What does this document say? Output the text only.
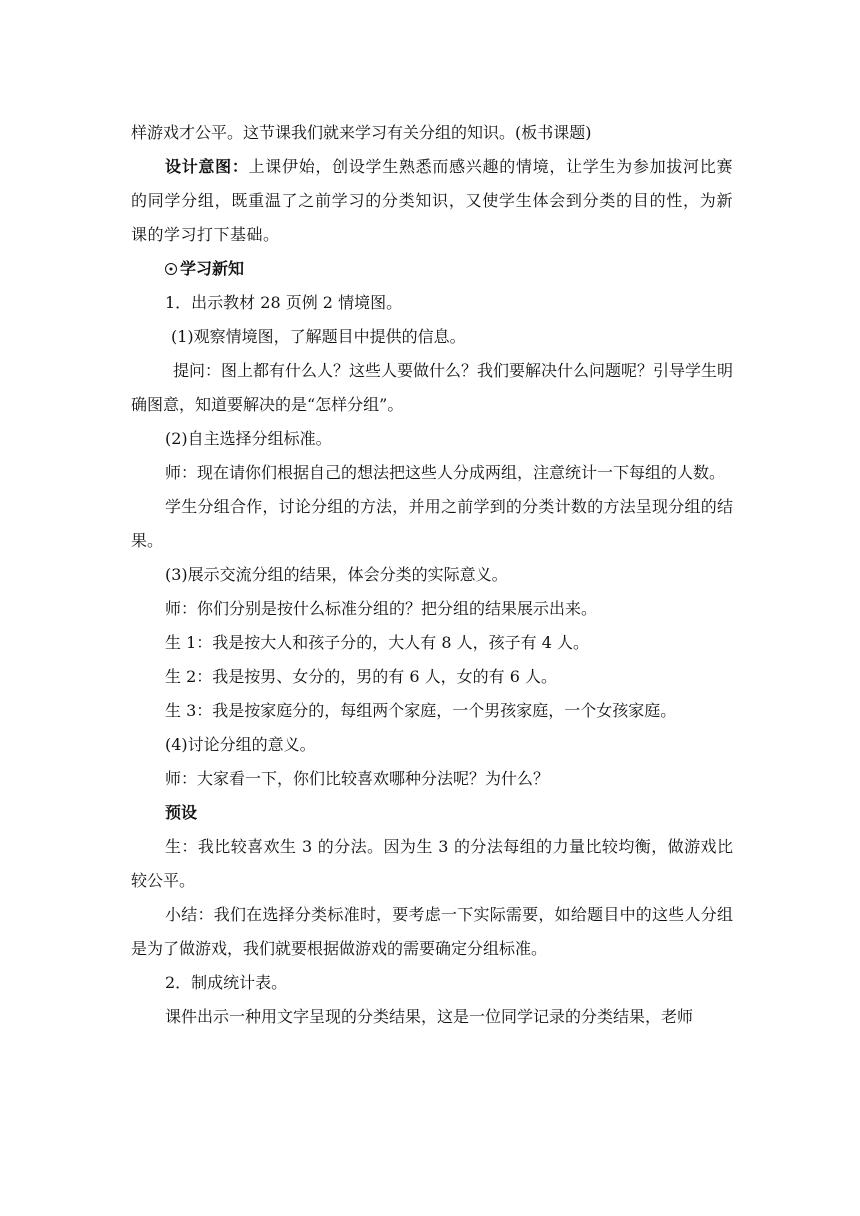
样游戏才公平。这节课我们就来学习有关分组的知识。(板书课题)

设计意图：上课伊始，创设学生熟悉而感兴趣的情境，让学生为参加拔河比赛的同学分组，既重温了之前学习的分类知识，又使学生体会到分类的目的性，为新课的学习打下基础。

学习新知

1．出示教材 28 页例 2 情境图。

(1)观察情境图，了解题目中提供的信息。

提问：图上都有什么人？这些人要做什么？我们要解决什么问题呢？引导学生明确图意，知道要解决的是“怎样分组”。

(2)自主选择分组标准。

师：现在请你们根据自己的想法把这些人分成两组，注意统计一下每组的人数。

学生分组合作，讨论分组的方法，并用之前学到的分类计数的方法呈现分组的结果。

(3)展示交流分组的结果，体会分类的实际意义。

师：你们分别是按什么标准分组的？把分组的结果展示出来。

生 1：我是按大人和孩子分的，大人有 8 人，孩子有 4 人。

生 2：我是按男、女分的，男的有 6 人，女的有 6 人。

生 3：我是按家庭分的，每组两个家庭，一个男孩家庭，一个女孩家庭。

(4)讨论分组的意义。

师：大家看一下，你们比较喜欢哪种分法呢？为什么？

预设

生：我比较喜欢生 3 的分法。因为生 3 的分法每组的力量比较均衡，做游戏比较公平。

小结：我们在选择分类标准时，要考虑一下实际需要，如给题目中的这些人分组是为了做游戏，我们就要根据做游戏的需要确定分组标准。

2．制成统计表。

课件出示一种用文字呈现的分类结果，这是一位同学记录的分类结果，老师
